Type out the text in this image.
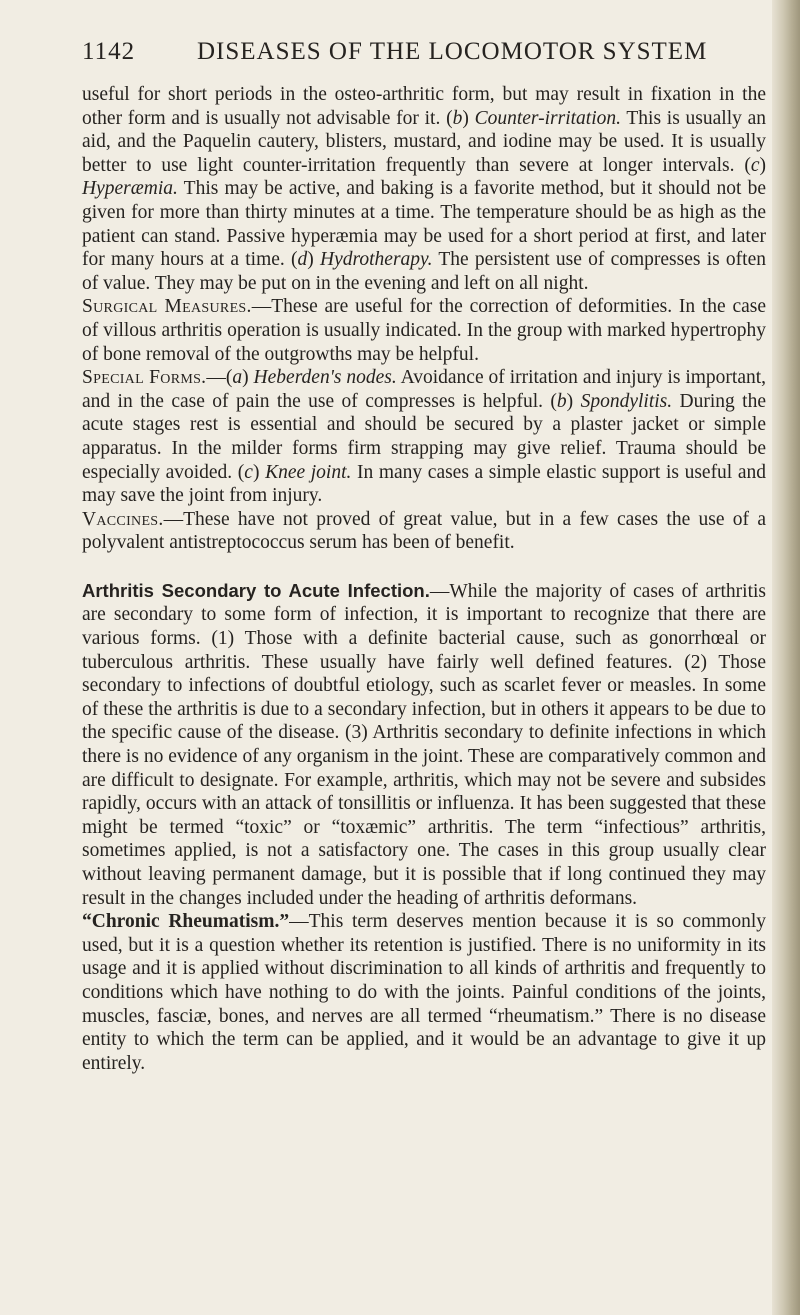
1142 DISEASES OF THE LOCOMOTOR SYSTEM

useful for short periods in the osteo-arthritic form, but may result in fixation in the other form and is usually not advisable for it. (b) Counter-irritation. This is usually an aid, and the Paquelin cautery, blisters, mustard, and iodine may be used. It is usually better to use light counter-irritation frequently than severe at longer intervals. (c) Hyperæmia. This may be active, and baking is a favorite method, but it should not be given for more than thirty minutes at a time. The temperature should be as high as the patient can stand. Passive hyperæmia may be used for a short period at first, and later for many hours at a time. (d) Hydrotherapy. The persistent use of compresses is often of value. They may be put on in the evening and left on all night.

Surgical Measures.—These are useful for the correction of deformities. In the case of villous arthritis operation is usually indicated. In the group with marked hypertrophy of bone removal of the outgrowths may be helpful.

Special Forms.—(a) Heberden's nodes. Avoidance of irritation and injury is important, and in the case of pain the use of compresses is helpful. (b) Spondylitis. During the acute stages rest is essential and should be secured by a plaster jacket or simple apparatus. In the milder forms firm strapping may give relief. Trauma should be especially avoided. (c) Knee joint. In many cases a simple elastic support is useful and may save the joint from injury.

Vaccines.—These have not proved of great value, but in a few cases the use of a polyvalent antistreptococcus serum has been of benefit.

Arthritis Secondary to Acute Infection.—While the majority of cases of arthritis are secondary to some form of infection, it is important to recognize that there are various forms. (1) Those with a definite bacterial cause, such as gonorrhœal or tuberculous arthritis. These usually have fairly well defined features. (2) Those secondary to infections of doubtful etiology, such as scarlet fever or measles. In some of these the arthritis is due to a secondary infection, but in others it appears to be due to the specific cause of the disease. (3) Arthritis secondary to definite infections in which there is no evidence of any organism in the joint. These are comparatively common and are difficult to designate. For example, arthritis, which may not be severe and subsides rapidly, occurs with an attack of tonsillitis or influenza. It has been suggested that these might be termed “toxic” or “toxæmic” arthritis. The term “infectious” arthritis, sometimes applied, is not a satisfactory one. The cases in this group usually clear without leaving permanent damage, but it is possible that if long continued they may result in the changes included under the heading of arthritis deformans.

“Chronic Rheumatism.”—This term deserves mention because it is so commonly used, but it is a question whether its retention is justified. There is no uniformity in its usage and it is applied without discrimination to all kinds of arthritis and frequently to conditions which have nothing to do with the joints. Painful conditions of the joints, muscles, fasciæ, bones, and nerves are all termed “rheumatism.” There is no disease entity to which the term can be applied, and it would be an advantage to give it up entirely.
